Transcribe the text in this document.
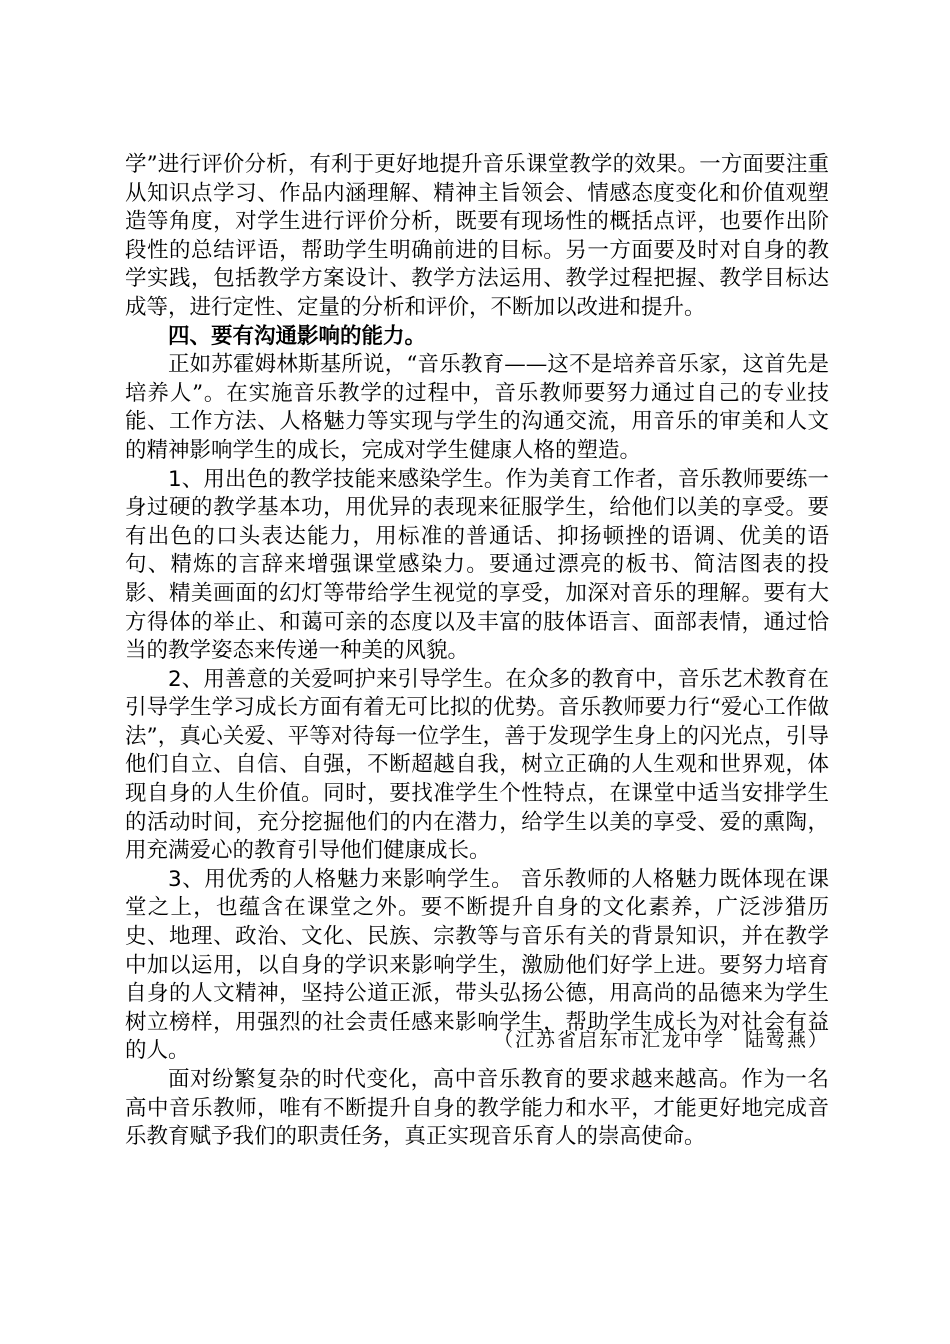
学”进行评价分析，有利于更好地提升音乐课堂教学的效果。一方面要注重从知识点学习、作品内涵理解、精神主旨领会、情感态度变化和价值观塑造等角度，对学生进行评价分析，既要有现场性的概括点评，也要作出阶段性的总结评语，帮助学生明确前进的目标。另一方面要及时对自身的教学实践，包括教学方案设计、教学方法运用、教学过程把握、教学目标达成等，进行定性、定量的分析和评价，不断加以改进和提升。

四、要有沟通影响的能力。

正如苏霍姆林斯基所说，“音乐教育——这不是培养音乐家，这首先是培养人”。在实施音乐教学的过程中，音乐教师要努力通过自己的专业技能、工作方法、人格魅力等实现与学生的沟通交流，用音乐的审美和人文的精神影响学生的成长，完成对学生健康人格的塑造。

1、用出色的教学技能来感染学生。作为美育工作者，音乐教师要练一身过硬的教学基本功，用优异的表现来征服学生，给他们以美的享受。要有出色的口头表达能力，用标准的普通话、抑扬顿挫的语调、优美的语句、精炼的言辞来增强课堂感染力。要通过漂亮的板书、简洁图表的投影、精美画面的幻灯等带给学生视觉的享受，加深对音乐的理解。要有大方得体的举止、和蔼可亲的态度以及丰富的肢体语言、面部表情，通过恰当的教学姿态来传递一种美的风貌。

2、用善意的关爱呵护来引导学生。在众多的教育中，音乐艺术教育在引导学生学习成长方面有着无可比拟的优势。音乐教师要力行“爱心工作做法”，真心关爱、平等对待每一位学生，善于发现学生身上的闪光点，引导他们自立、自信、自强，不断超越自我，树立正确的人生观和世界观，体现自身的人生价值。同时，要找准学生个性特点，在课堂中适当安排学生的活动时间，充分挖掘他们的内在潜力，给学生以美的享受、爱的熏陶，用充满爱心的教育引导他们健康成长。

3、用优秀的人格魅力来影响学生。 音乐教师的人格魅力既体现在课堂之上，也蕴含在课堂之外。要不断提升自身的文化素养，广泛涉猎历史、地理、政治、文化、民族、宗教等与音乐有关的背景知识，并在教学中加以运用，以自身的学识来影响学生，激励他们好学上进。要努力培育自身的人文精神，坚持公道正派，带头弘扬公德，用高尚的品德来为学生树立榜样，用强烈的社会责任感来影响学生，帮助学生成长为对社会有益的人。

面对纷繁复杂的时代变化，高中音乐教育的要求越来越高。作为一名高中音乐教师，唯有不断提升自身的教学能力和水平，才能更好地完成音乐教育赋予我们的职责任务，真正实现音乐育人的崇高使命。

（江苏省启东市汇龙中学 陆莺燕）
